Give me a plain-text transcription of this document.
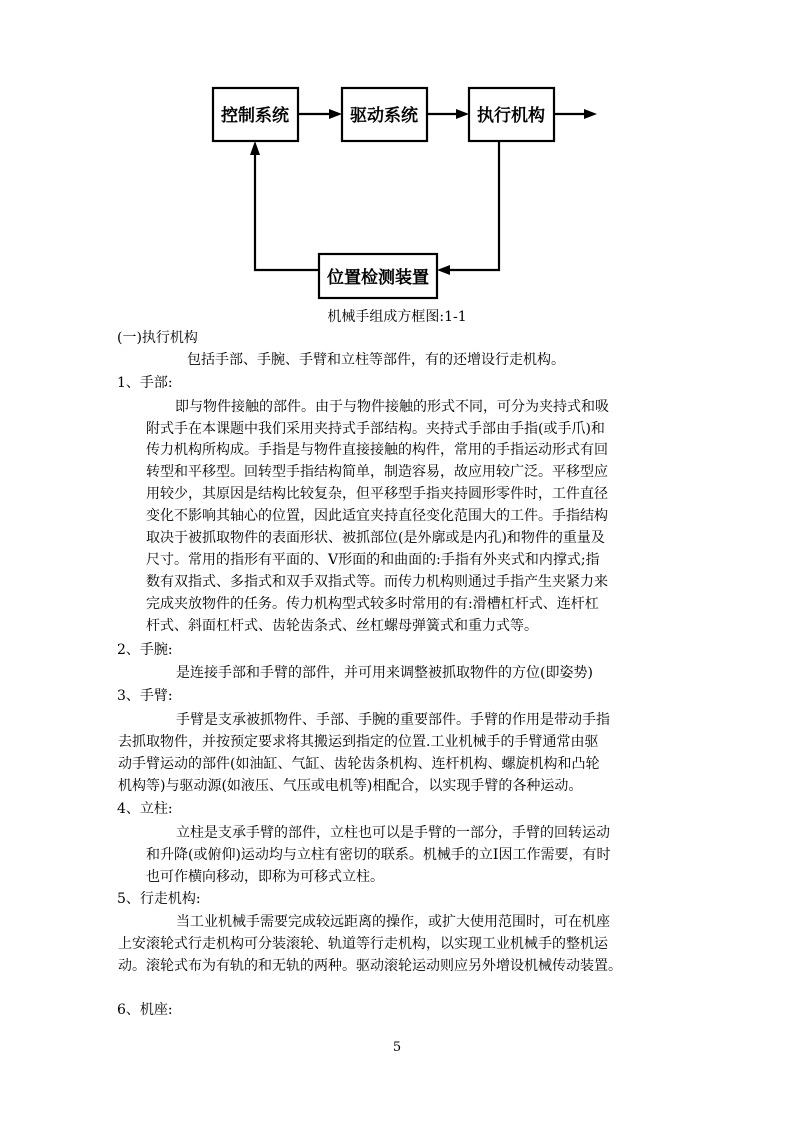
控制系统	驱动系统	执行机构
位置检测装置
机械手组成方框图:1-1
(一)执行机构
包括手部、手腕、手臂和立柱等部件，有的还增设行走机构。
1、手部:
即与物件接触的部件。由于与物件接触的形式不同，可分为夹持式和吸
附式手在本课题中我们采用夹持式手部结构。夹持式手部由手指(或手爪)和
传力机构所构成。手指是与物件直接接触的构件，常用的手指运动形式有回
转型和平移型。回转型手指结构简单，制造容易，故应用较广泛。平移型应
用较少，其原因是结构比较复杂，但平移型手指夹持圆形零件时，工件直径
变化不影响其轴心的位置，因此适宜夹持直径变化范围大的工件。手指结构
取决于被抓取物件的表面形状、被抓部位(是外廓或是内孔)和物件的重量及
尺寸。常用的指形有平面的、V形面的和曲面的:手指有外夹式和内撑式;指
数有双指式、多指式和双手双指式等。而传力机构则通过手指产生夹紧力来
完成夹放物件的任务。传力机构型式较多时常用的有:滑槽杠杆式、连杆杠
杆式、斜面杠杆式、齿轮齿条式、丝杠螺母弹簧式和重力式等。
2、手腕:
是连接手部和手臂的部件，并可用来调整被抓取物件的方位(即姿势)
3、手臂:
手臂是支承被抓物件、手部、手腕的重要部件。手臂的作用是带动手指
去抓取物件，并按预定要求将其搬运到指定的位置.工业机械手的手臂通常由驱
动手臂运动的部件(如油缸、气缸、齿轮齿条机构、连杆机构、螺旋机构和凸轮
机构等)与驱动源(如液压、气压或电机等)相配合，以实现手臂的各种运动。
4、立柱:
立柱是支承手臂的部件，立柱也可以是手臂的一部分，手臂的回转运动
和升降(或俯仰)运动均与立柱有密切的联系。机械手的立I因工作需要，有时
也可作横向移动，即称为可移式立柱。
5、行走机构:
当工业机械手需要完成较远距离的操作，或扩大使用范围时，可在机座
上安滚轮式行走机构可分装滚轮、轨道等行走机构，以实现工业机械手的整机运
动。滚轮式布为有轨的和无轨的两种。驱动滚轮运动则应另外增设机械传动装置。
6、机座:
5
